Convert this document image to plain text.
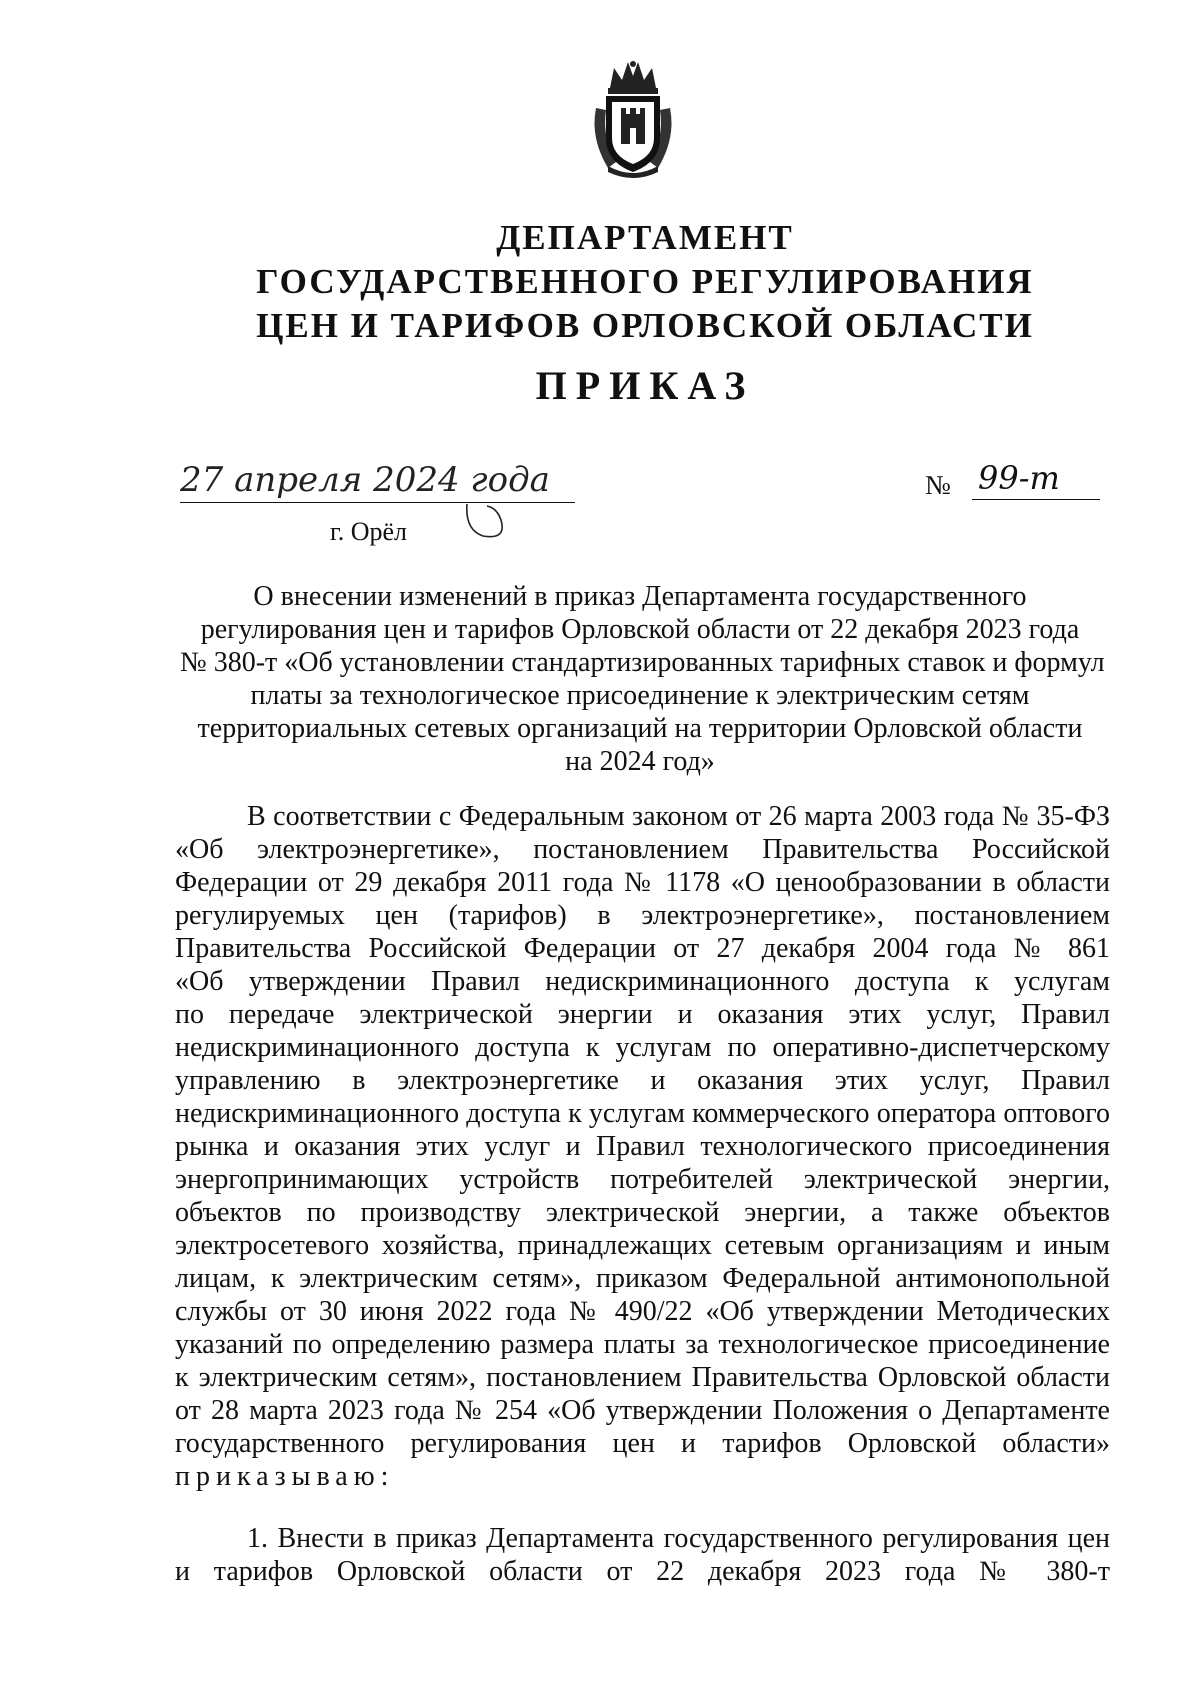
ДЕПАРТАМЕНТ
ГОСУДАРСТВЕННОГО РЕГУЛИРОВАНИЯ
ЦЕН И ТАРИФОВ ОРЛОВСКОЙ ОБЛАСТИ
ПРИКАЗ
27 апреля 2024 года	№ 99-т
г. Орёл
О внесении изменений в приказ Департамента государственного
регулирования цен и тарифов Орловской области от 22 декабря 2023 года
№ 380-т «Об установлении стандартизированных тарифных ставок и формул
платы за технологическое присоединение к электрическим сетям
территориальных сетевых организаций на территории Орловской области
на 2024 год»
В соответствии с Федеральным законом от 26 марта 2003 года № 35-ФЗ
«Об электроэнергетике», постановлением Правительства Российской
Федерации от 29 декабря 2011 года № 1178 «О ценообразовании в области
регулируемых цен (тарифов) в электроэнергетике», постановлением
Правительства Российской Федерации от 27 декабря 2004 года № 861
«Об утверждении Правил недискриминационного доступа к услугам
по передаче электрической энергии и оказания этих услуг, Правил
недискриминационного доступа к услугам по оперативно-диспетчерскому
управлению в электроэнергетике и оказания этих услуг, Правил
недискриминационного доступа к услугам коммерческого оператора оптового
рынка и оказания этих услуг и Правил технологического присоединения
энергопринимающих устройств потребителей электрической энергии,
объектов по производству электрической энергии, а также объектов
электросетевого хозяйства, принадлежащих сетевым организациям и иным
лицам, к электрическим сетям», приказом Федеральной антимонопольной
службы от 30 июня 2022 года № 490/22 «Об утверждении Методических
указаний по определению размера платы за технологическое присоединение
к электрическим сетям», постановлением Правительства Орловской области
от 28 марта 2023 года № 254 «Об утверждении Положения о Департаменте
государственного регулирования цен и тарифов Орловской области»
приказываю:
1. Внести в приказ Департамента государственного регулирования цен
и тарифов Орловской области от 22 декабря 2023 года № 380-т
